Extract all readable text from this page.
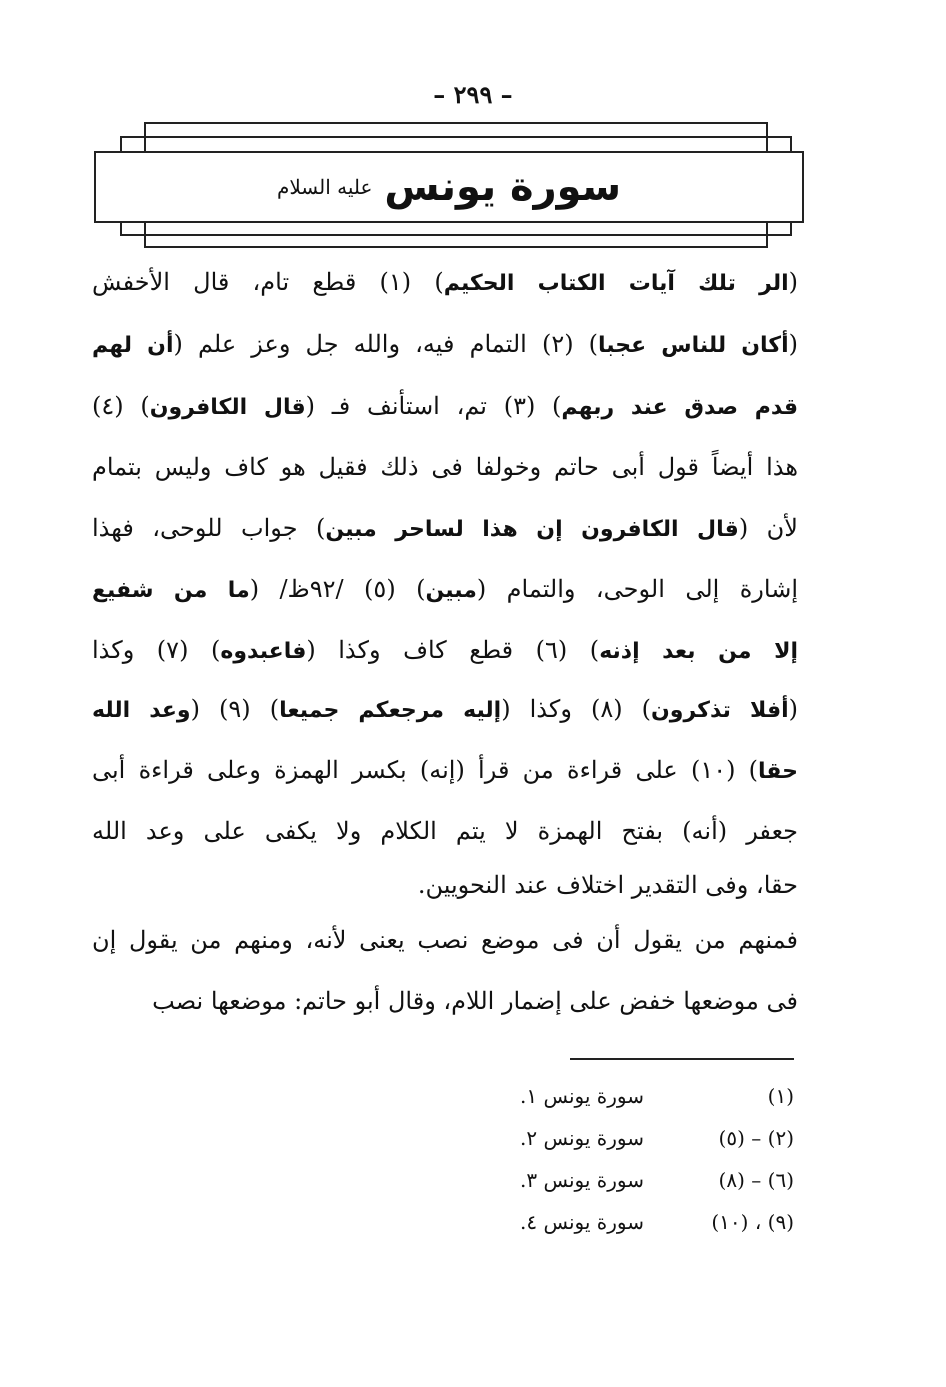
– ٢٩٩ –
سورة يونس
عليه السلام
(الر تلك آيات الكتاب الحكيم) (١) قطع تام، قال الأخفش
(أكان للناس عجبا) (٢) التمام فيه، والله جل وعز علم (أن لهم
قدم صدق عند ربهم) (٣) تم، استأنف فـ (قال الكافرون) (٤)
هذا أيضاً قول أبى حاتم وخولفا فى ذلك فقيل هو كاف وليس بتمام
لأن (قال الكافرون إن هذا لساحر مبين) جواب للوحى، فهذا
إشارة إلى الوحى، والتمام (مبين) (٥) /٩٢ظ/ (ما من شفيع
إلا من بعد إذنه) (٦) قطع كاف وكذا (فاعبدوه) (٧) وكذا
(أفلا تذكرون) (٨) وكذا (إليه مرجعكم جميعا) (٩) (وعد الله
حقا) (١٠) على قراءة من قرأ (إنه) بكسر الهمزة وعلى قراءة أبى
جعفر (أنه) بفتح الهمزة لا يتم الكلام ولا يكفى على وعد الله
حقا، وفى التقدير اختلاف عند النحويين.
فمنهم من يقول أن فى موضع نصب يعنى لأنه، ومنهم من يقول إن
فى موضعها خفض على إضمار اللام، وقال أبو حاتم: موضعها نصب
(١)
سورة يونس ١.
(٢) – (٥)
سورة يونس ٢.
(٦) – (٨)
سورة يونس ٣.
(٩) ، (١٠)
سورة يونس ٤.
